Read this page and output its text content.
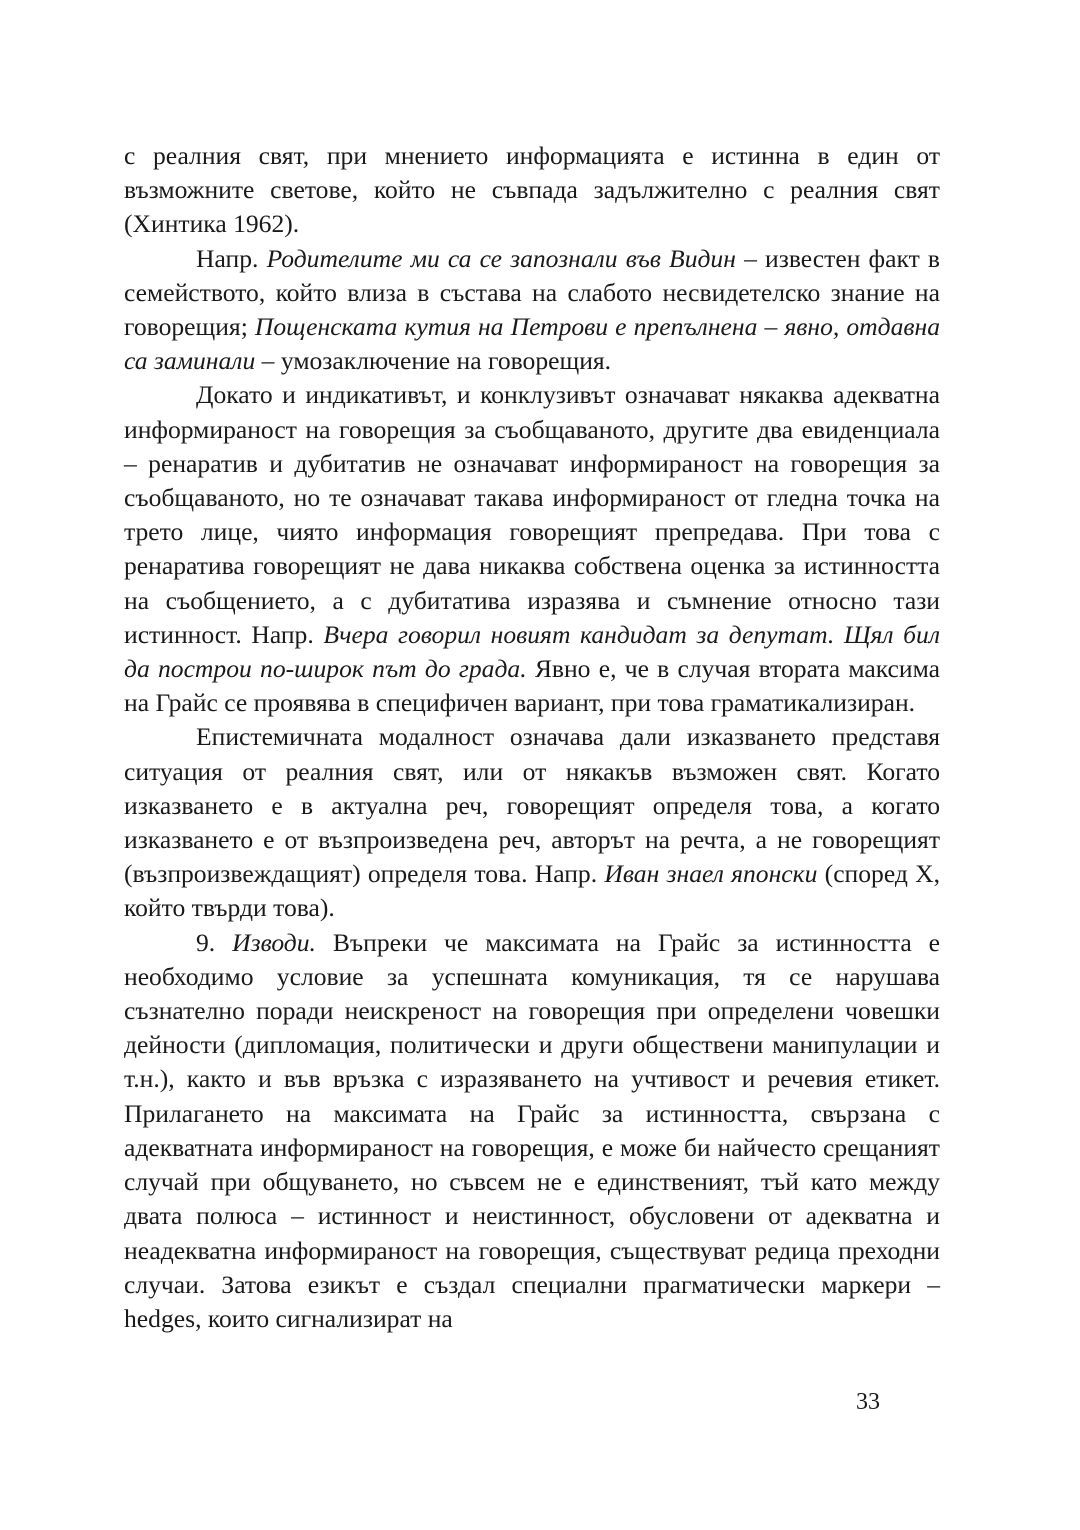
с реалния свят, при мнението информацията е истинна в един от възможните светове, който не съвпада задължително с реалния свят (Хинтика 1962).

Напр. Родителите ми са се запознали във Видин – известен факт в семейството, който влиза в състава на слабото несвидетелско знание на говорещия; Пощенската кутия на Петрови е препълнена – явно, отдавна са заминали – умозаключение на говорещия.

Докато и индикативът, и конклузивът означават някаква адекватна информираност на говорещия за съобщаваното, другите два евиденциала – ренаратив и дубитатив не означават информираност на говорещия за съобщаваното, но те означават такава информираност от гледна точка на трето лице, чиято информация говорещият препредава. При това с ренаратива говорещият не дава никаква собствена оценка за истинността на съобщението, а с дубитатива изразява и съмнение относно тази истинност. Напр. Вчера говорил новият кандидат за депутат. Щял бил да построи по-широк път до града. Явно е, че в случая втората максима на Грайс се проявява в специфичен вариант, при това граматикализиран.

Епистемичната модалност означава дали изказването представя ситуация от реалния свят, или от някакъв възможен свят. Когато изказването е в актуална реч, говорещият определя това, а когато изказването е от възпроизведена реч, авторът на речта, а не говорещият (възпроизвеждащият) определя това. Напр. Иван знаел японски (според X, който твърди това).

9. Изводи. Въпреки че максимата на Грайс за истинността е необходимо условие за успешната комуникация, тя се нарушава съзнателно поради неискреност на говорещия при определени човешки дейности (дипломация, политически и други обществени манипулации и т.н.), както и във връзка с изразяването на учтивост и речевия етикет. Прилагането на максимата на Грайс за истинността, свързана с адекватната информираност на говорещия, е може би найчесто срещаният случай при общуването, но съвсем не е единственият, тъй като между двата полюса – истинност и неистинност, обусловени от адекватна и неадекватна информираност на говорещия, съществуват редица преходни случаи. Затова езикът е създал специални прагматически маркери – hedges, които сигнализират на

33
